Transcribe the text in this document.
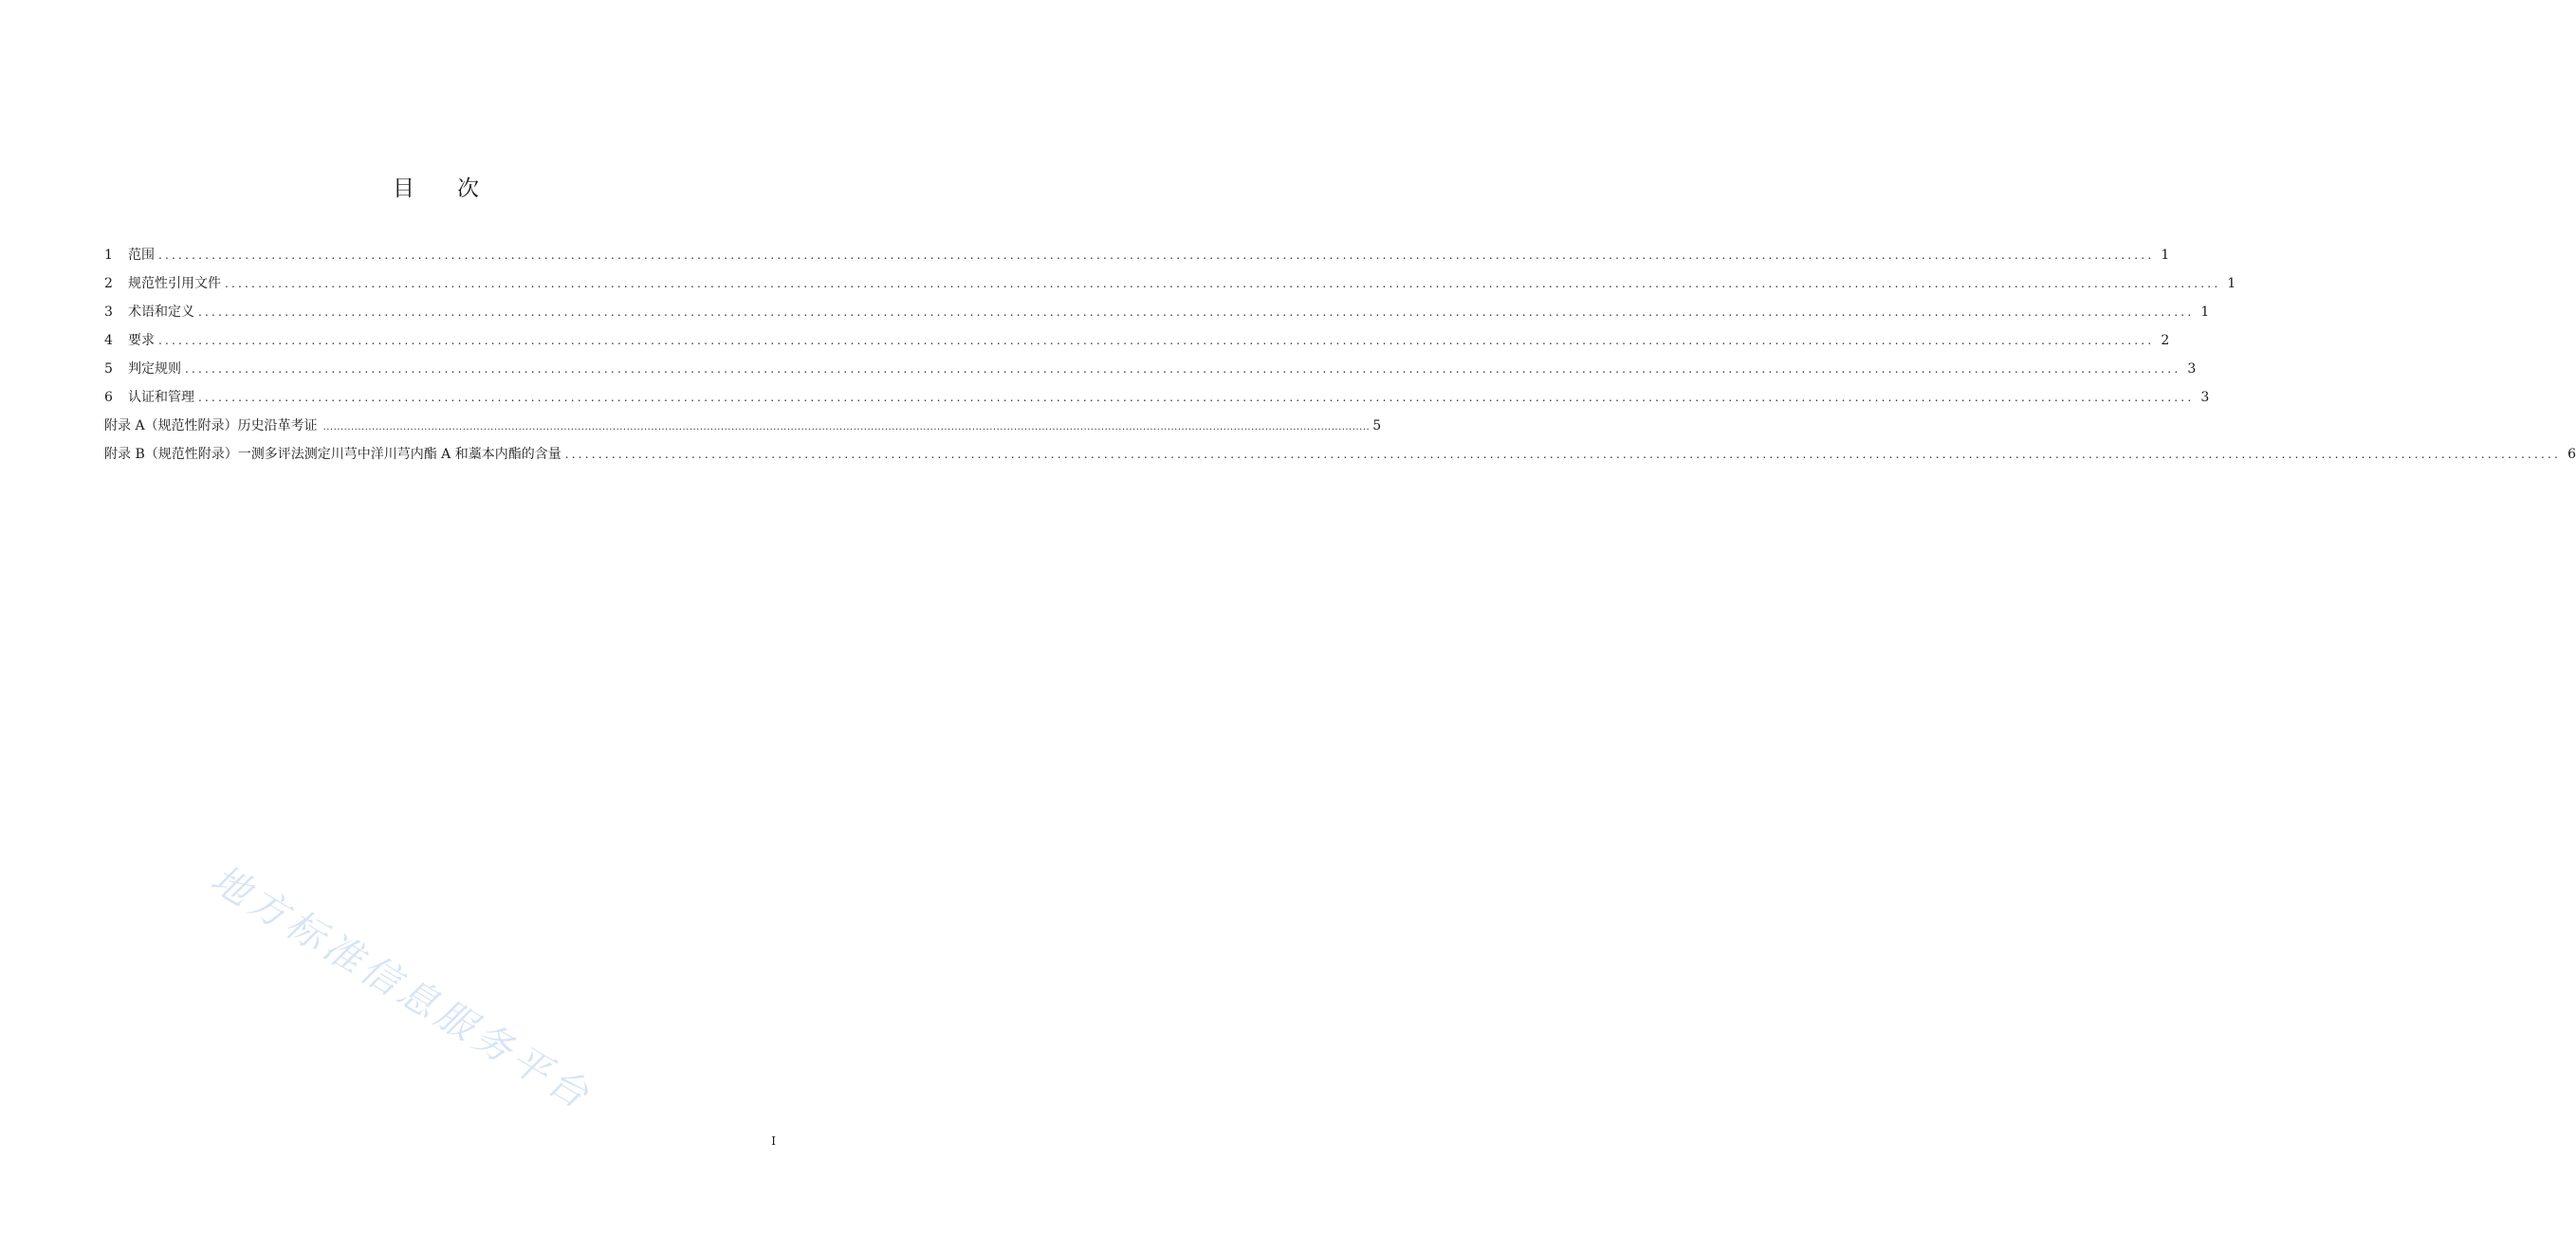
目 次
1	范围 ............................................................................................................................................................................................................................................................................................................ 1
2	规范性引用文件 ............................................................................................................................................................................................................................................................................................................ 1
3	术语和定义 ............................................................................................................................................................................................................................................................................................................ 1
4	要求 ............................................................................................................................................................................................................................................................................................................ 2
5	判定规则 ............................................................................................................................................................................................................................................................................................................ 3
6	认证和管理 ............................................................................................................................................................................................................................................................................................................ 3
附录 A（规范性附录）历史沿革考证 ............................................................................................................................................................................................................................................................................................................ 5
附录 B（规范性附录）一测多评法测定川芎中洋川芎内酯 A 和藁本内酯的含量 ............................................................................................................................................................................................................................................................................................................ 6
地方标准信息服务平台
I
